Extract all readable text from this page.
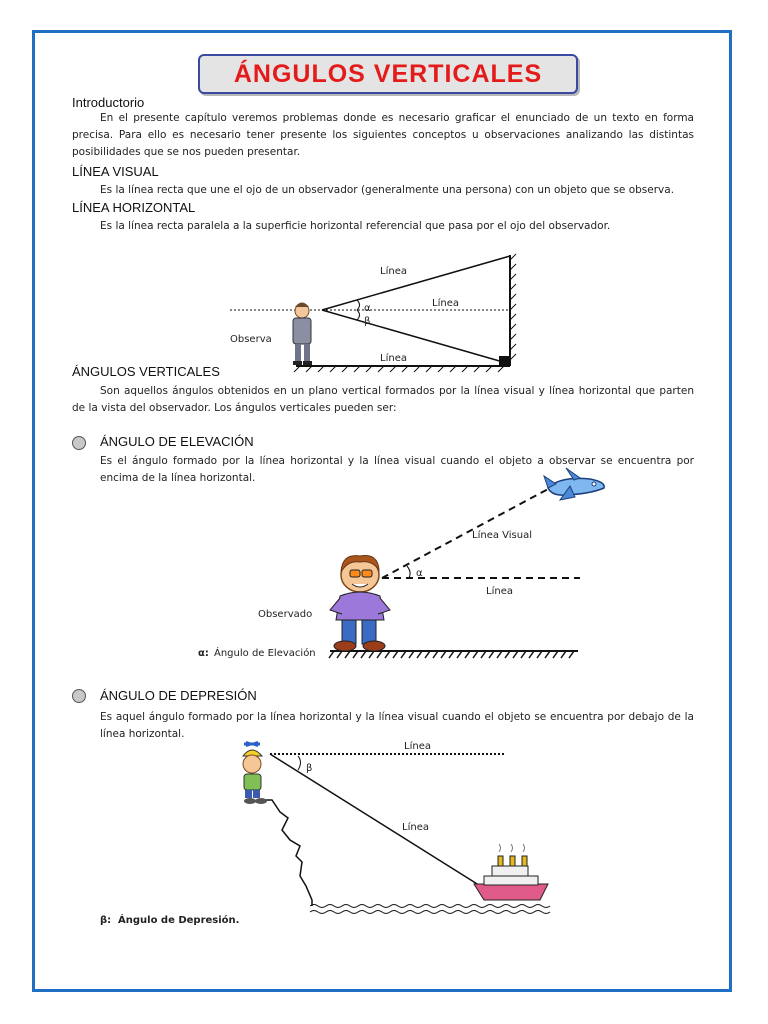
ÁNGULOS VERTICALES
Introductorio
En el presente capítulo veremos problemas donde es necesario graficar el enunciado de un texto en forma precisa. Para ello es necesario tener presente los siguientes conceptos u observaciones analizando las distintas posibilidades que se nos pueden presentar.
LÍNEA VISUAL
Es la línea recta que une el ojo de un observador (generalmente una persona) con un objeto que se observa.
LÍNEA HORIZONTAL
Es la línea recta paralela a la superficie horizontal referencial que pasa por el ojo del observador.
Línea
Línea
Línea
α
β
Observa
ÁNGULOS VERTICALES
Son aquellos ángulos obtenidos en un plano vertical formados por la línea visual y línea horizontal que parten de la vista del observador. Los ángulos verticales pueden ser:
ÁNGULO DE ELEVACIÓN
Es el ángulo formado por la línea horizontal y la línea visual cuando el objeto a observar se encuentra por encima de la línea horizontal.
Línea Visual
Línea
α
Observado
α: Ángulo de Elevación
ÁNGULO DE DEPRESIÓN
Es aquel ángulo formado por la línea horizontal y la línea visual cuando el objeto se encuentra por debajo de la línea horizontal.
Línea
Línea
β
β: Ángulo de Depresión.
